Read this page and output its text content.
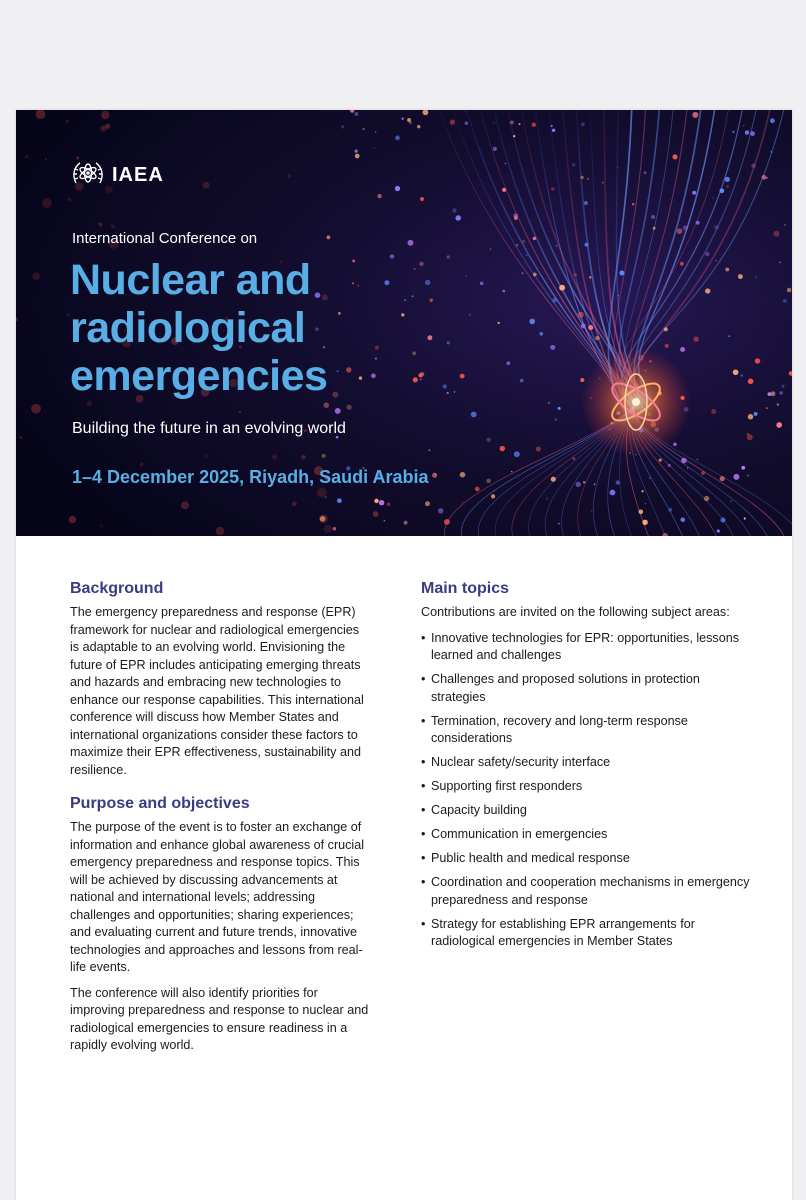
IAEA
International Conference on
Nuclear and
radiological
emergencies
Building the future in an evolving world
1–4 December 2025, Riyadh, Saudi Arabia
Background

The emergency preparedness and response (EPR) framework for nuclear and radiological emergencies is adaptable to an evolving world. Envisioning the future of EPR includes anticipating emerging threats and hazards and embracing new technologies to enhance our response capabilities. This international conference will discuss how Member States and international organizations consider these factors to maximize their EPR effectiveness, sustainability and resilience.

Purpose and objectives

The purpose of the event is to foster an exchange of information and enhance global awareness of crucial emergency preparedness and response topics. This will be achieved by discussing advancements at national and international levels; addressing challenges and opportunities; sharing experiences; and evaluating current and future trends, innovative technologies and approaches and lessons from real-life events.

The conference will also identify priorities for improving preparedness and response to nuclear and radiological emergencies to ensure readiness in a rapidly evolving world.

Main topics

Contributions are invited on the following subject areas:

• Innovative technologies for EPR: opportunities, lessons learned and challenges
• Challenges and proposed solutions in protection strategies
• Termination, recovery and long-term response considerations
• Nuclear safety/security interface
• Supporting first responders
• Capacity building
• Communication in emergencies
• Public health and medical response
• Coordination and cooperation mechanisms in emergency preparedness and response
• Strategy for establishing EPR arrangements for radiological emergencies in Member States
